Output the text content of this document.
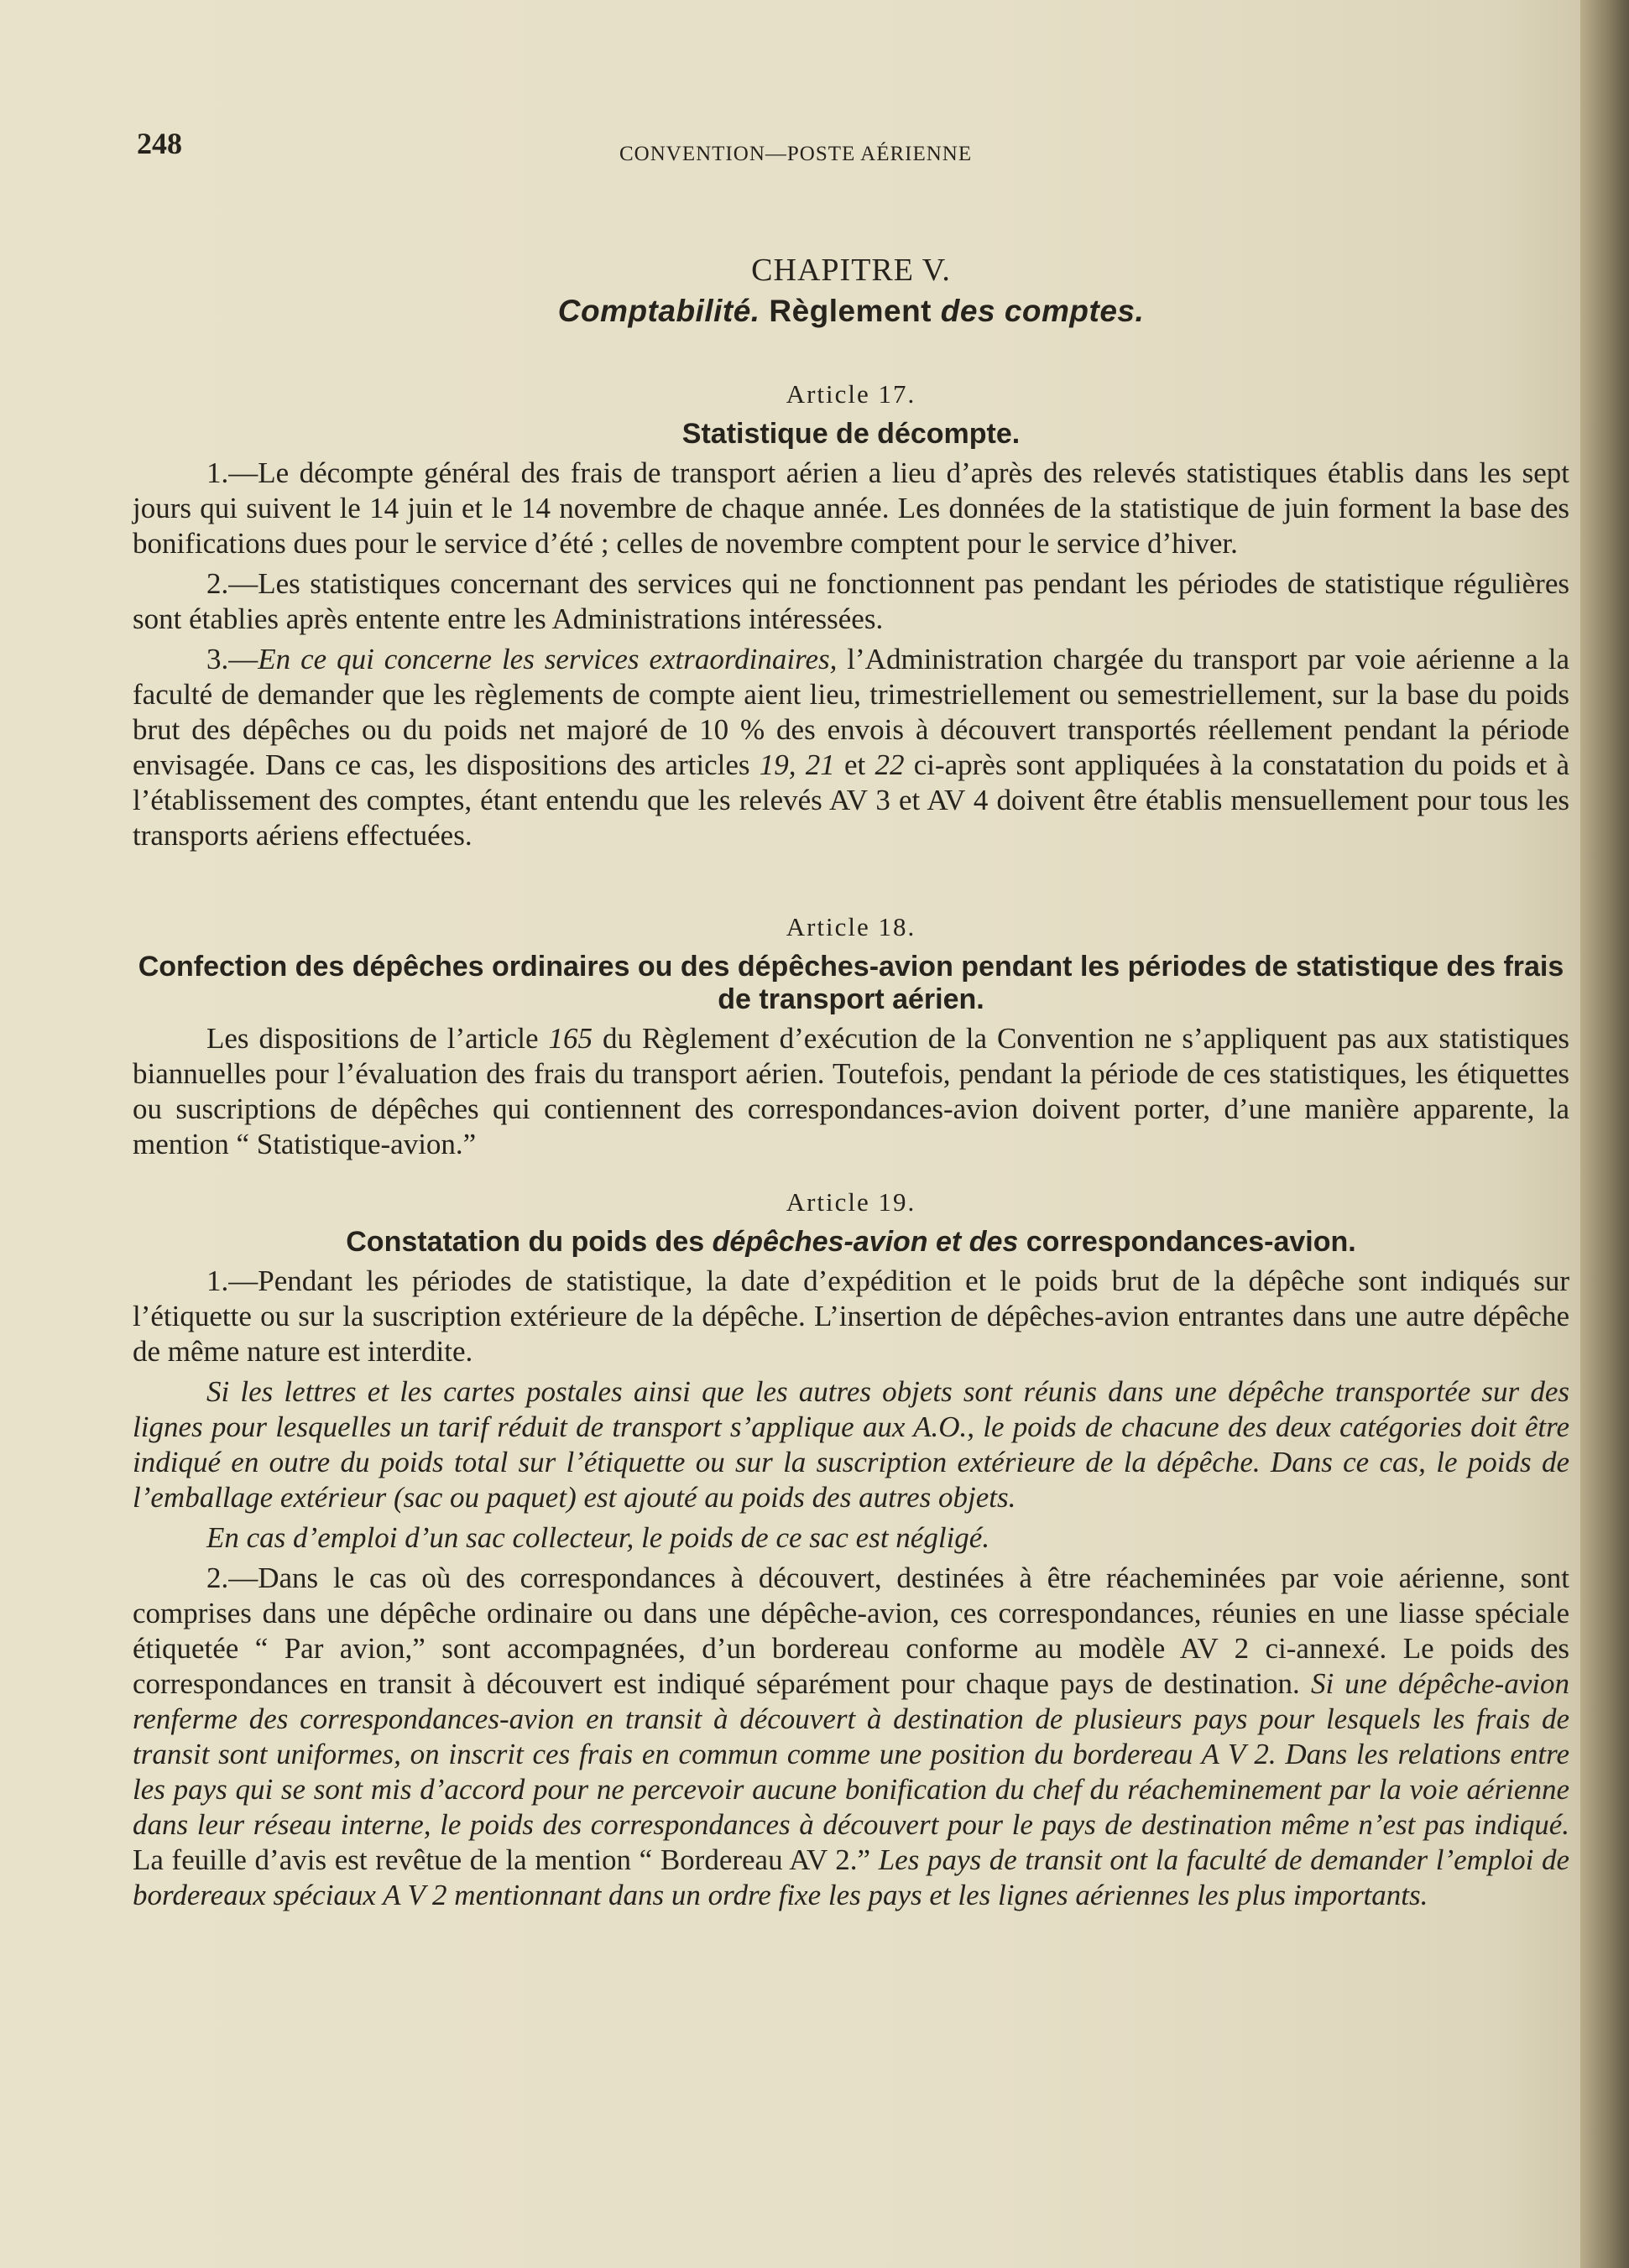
248	CONVENTION—POSTE AÉRIENNE
CHAPITRE V.
Comptabilité. Règlement des comptes.
Article 17.
Statistique de décompte.

1.—Le décompte général des frais de transport aérien a lieu d’après des relevés statistiques établis dans les sept jours qui suivent le 14 juin et le 14 novembre de chaque année. Les données de la statistique de juin forment la base des bonifications dues pour le service d’été ; celles de novembre comptent pour le service d’hiver.

2.—Les statistiques concernant des services qui ne fonctionnent pas pendant les périodes de statistique régulières sont établies après entente entre les Administrations intéressées.

3.—En ce qui concerne les services extraordinaires, l’Administration chargée du transport par voie aérienne a la faculté de demander que les règlements de compte aient lieu, trimestriellement ou semestriellement, sur la base du poids brut des dépêches ou du poids net majoré de 10 % des envois à découvert transportés réellement pendant la période envisagée. Dans ce cas, les dispositions des articles 19, 21 et 22 ci-après sont appliquées à la constatation du poids et à l’établissement des comptes, étant entendu que les relevés AV 3 et AV 4 doivent être établis mensuellement pour tous les transports aériens effectuées.

Article 18.
Confection des dépêches ordinaires ou des dépêches-avion pendant les périodes de statistique des frais de transport aérien.

Les dispositions de l’article 165 du Règlement d’exécution de la Convention ne s’appliquent pas aux statistiques biannuelles pour l’évaluation des frais du transport aérien. Toutefois, pendant la période de ces statistiques, les étiquettes ou suscriptions de dépêches qui contiennent des correspondances-avion doivent porter, d’une manière apparente, la mention “ Statistique-avion.”

Article 19.
Constatation du poids des dépêches-avion et des correspondances-avion.

1.—Pendant les périodes de statistique, la date d’expédition et le poids brut de la dépêche sont indiqués sur l’étiquette ou sur la suscription extérieure de la dépêche. L’insertion de dépêches-avion entrantes dans une autre dépêche de même nature est interdite.

Si les lettres et les cartes postales ainsi que les autres objets sont réunis dans une dépêche transportée sur des lignes pour lesquelles un tarif réduit de transport s’applique aux A.O., le poids de chacune des deux catégories doit être indiqué en outre du poids total sur l’étiquette ou sur la suscription extérieure de la dépêche. Dans ce cas, le poids de l’emballage extérieur (sac ou paquet) est ajouté au poids des autres objets.

En cas d’emploi d’un sac collecteur, le poids de ce sac est négligé.

2.—Dans le cas où des correspondances à découvert, destinées à être réacheminées par voie aérienne, sont comprises dans une dépêche ordinaire ou dans une dépêche-avion, ces correspondances, réunies en une liasse spéciale étiquetée “ Par avion,” sont accompagnées, d’un bordereau conforme au modèle AV 2 ci-annexé. Le poids des correspondances en transit à découvert est indiqué séparément pour chaque pays de destination. Si une dépêche-avion renferme des correspondances-avion en transit à découvert à destination de plusieurs pays pour lesquels les frais de transit sont uniformes, on inscrit ces frais en commun comme une position du bordereau A V 2. Dans les relations entre les pays qui se sont mis d’accord pour ne percevoir aucune bonification du chef du réacheminement par la voie aérienne dans leur réseau interne, le poids des correspondances à découvert pour le pays de destination même n’est pas indiqué. La feuille d’avis est revêtue de la mention “ Bordereau AV 2.” Les pays de transit ont la faculté de demander l’emploi de bordereaux spéciaux A V 2 mentionnant dans un ordre fixe les pays et les lignes aériennes les plus importants.
